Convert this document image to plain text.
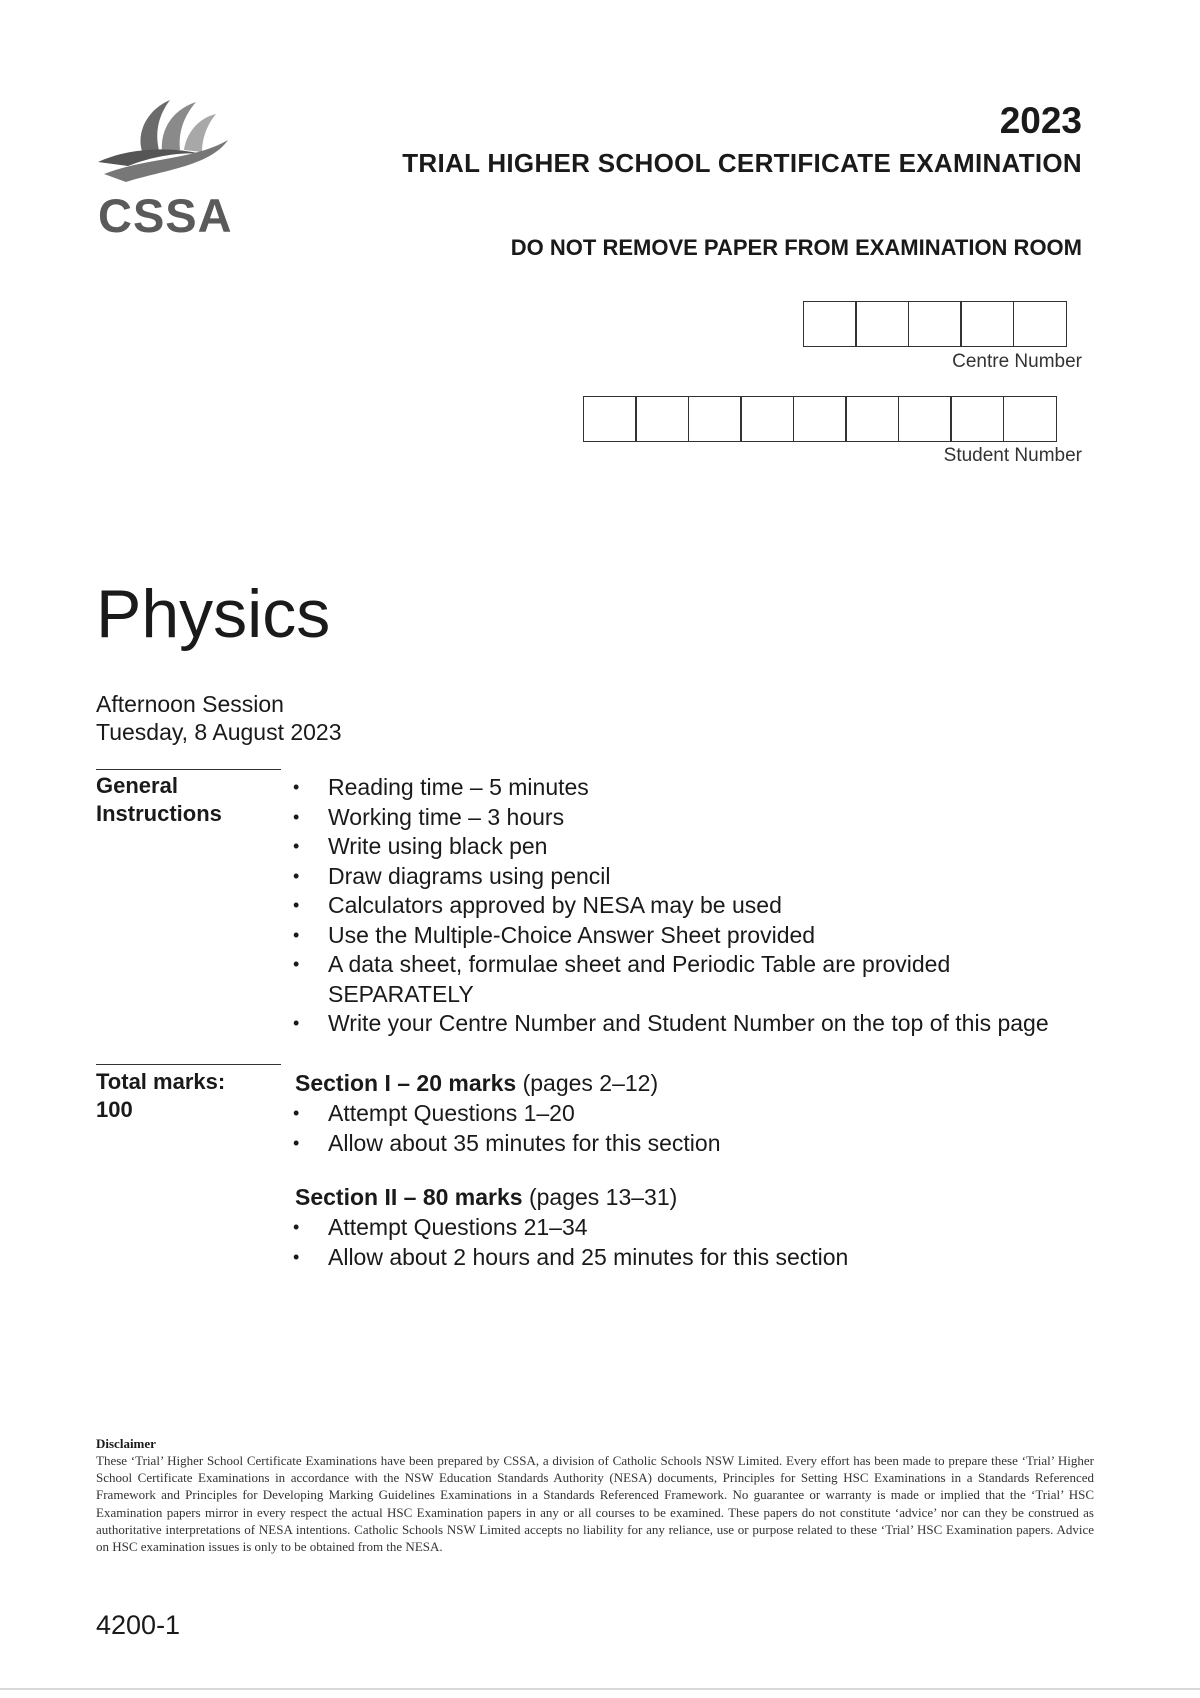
CSSA
2023
TRIAL HIGHER SCHOOL CERTIFICATE EXAMINATION
DO NOT REMOVE PAPER FROM EXAMINATION ROOM
Centre Number
Student Number
Physics
Afternoon Session
Tuesday, 8 August 2023
General
Instructions
• Reading time – 5 minutes
• Working time – 3 hours
• Write using black pen
• Draw diagrams using pencil
• Calculators approved by NESA may be used
• Use the Multiple-Choice Answer Sheet provided
• A data sheet, formulae sheet and Periodic Table are provided SEPARATELY
• Write your Centre Number and Student Number on the top of this page
Total marks:
100
Section I – 20 marks (pages 2–12)
• Attempt Questions 1–20
• Allow about 35 minutes for this section
Section II – 80 marks (pages 13–31)
• Attempt Questions 21–34
• Allow about 2 hours and 25 minutes for this section
Disclaimer
These ‘Trial’ Higher School Certificate Examinations have been prepared by CSSA, a division of Catholic Schools NSW Limited. Every effort has been made to prepare these ‘Trial’ Higher School Certificate Examinations in accordance with the NSW Education Standards Authority (NESA) documents, Principles for Setting HSC Examinations in a Standards Referenced Framework and Principles for Developing Marking Guidelines Examinations in a Standards Referenced Framework. No guarantee or warranty is made or implied that the ‘Trial’ HSC Examination papers mirror in every respect the actual HSC Examination papers in any or all courses to be examined. These papers do not constitute ‘advice’ nor can they be construed as authoritative interpretations of NESA intentions. Catholic Schools NSW Limited accepts no liability for any reliance, use or purpose related to these ‘Trial’ HSC Examination papers. Advice on HSC examination issues is only to be obtained from the NESA.
4200-1
